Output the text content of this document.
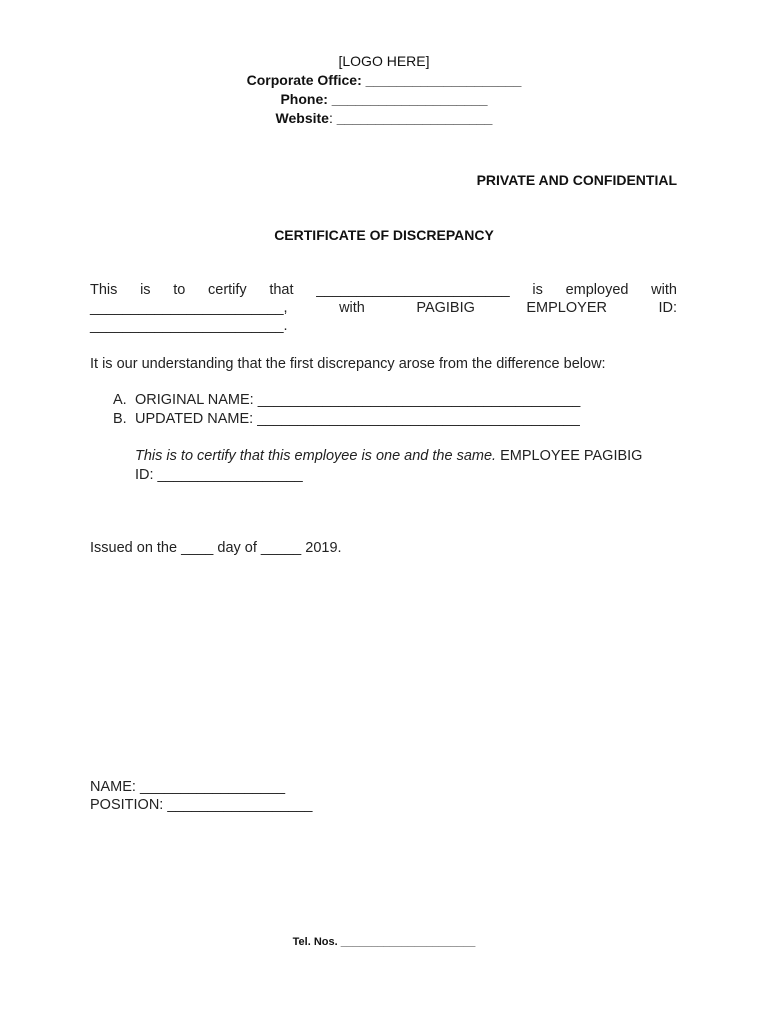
[LOGO HERE]
Corporate Office: ____________________
Phone: ____________________
Website: ____________________
PRIVATE AND CONFIDENTIAL
CERTIFICATE OF DISCREPANCY
This is to certify that ________________________ is employed with
________________________,	with	PAGIBIG	EMPLOYER	ID:
________________________.
It is our understanding that the first discrepancy arose from the difference below:
A. ORIGINAL NAME: ________________________________________
B. UPDATED NAME: ________________________________________
This is to certify that this employee is one and the same. EMPLOYEE PAGIBIG
ID: __________________
Issued on the ____ day of _____ 2019.
NAME: __________________
POSITION: __________________
Tel. Nos. ______________________
